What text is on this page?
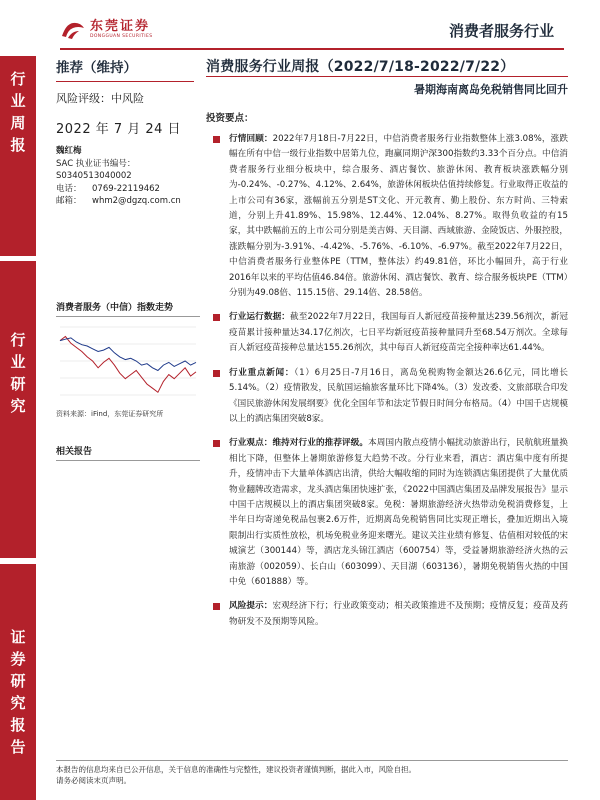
东莞证券
DONGGUAN SECURITIES	消费者服务行业
行业周报
行业研究
证券研究报告
推荐（维持）
风险评级：中风险
2022 年 7 月 24 日
魏红梅
SAC 执业证书编号：
S0340513040002
电话：	0769-22119462
邮箱：	whm2@dgzq.com.cn
消费者服务（中信）指数走势
资料来源：iFind，东莞证券研究所
相关报告
消费服务行业周报（2022/7/18-2022/7/22）
暑期海南离岛免税销售同比回升
投资要点：
行情回顾：2022年7月18日-7月22日，中信消费者服务行业指数整体上涨3.08%，涨跌幅在所有中信一级行业指数中居第九位，跑赢同期沪深300指数约3.33个百分点。中信消费者服务行业细分板块中，综合服务、酒店餐饮、旅游休闲、教育板块涨跌幅分别为-0.24%、-0.27%、4.12%、2.64%，旅游休闲板块估值持续修复。行业取得正收益的上市公司有36家，涨幅前五分别是ST文化、开元教育、勤上股份、东方时尚、三特索道，分别上升41.89%、15.98%、12.44%、12.04%、8.27%。取得负收益的有15家，其中跌幅前五的上市公司分别是美吉姆、天目湖、西域旅游、金陵饭店、外服控股，涨跌幅分别为-3.91%、-4.42%、-5.76%、-6.10%、-6.97%。截至2022年7月22日，中信消费者服务行业整体PE（TTM，整体法）约49.81倍，环比小幅回升，高于行业2016年以来的平均估值46.84倍。旅游休闲、酒店餐饮、教育、综合服务板块PE（TTM）分别为49.08倍、115.15倍、29.14倍、28.58倍。
行业运行数据：截至2022年7月22日，我国每百人新冠疫苗接种量达239.56剂次，新冠疫苗累计接种量达34.17亿剂次，七日平均新冠疫苗接种量同升至68.54万剂次。全球每百人新冠疫苗接种总量达155.26剂次，其中每百人新冠疫苗完全接种率达61.44%。
行业重点新闻：（1）6月25日-7月16日，离岛免税购物金额达26.6亿元，同比增长5.14%。（2）疫情散发，民航国运输旅客量环比下降4%。（3）发改委、文旅部联合印发《国民旅游休闲发展纲要》优化全国年节和法定节假日时间分布格局。（4）中国千店规模以上的酒店集团突破8家。
行业观点：维持对行业的推荐评级。本周国内散点疫情小幅扰动旅游出行，民航航班量换相比下降，但整体上暑期旅游修复大趋势不改。分行业来看，酒店：酒店集中度有所提升，疫情冲击下大量单体酒店出清，供给大幅收缩的同时为连锁酒店集团提供了大量优质物业翻牌改造需求，龙头酒店集团快速扩张，《2022中国酒店集团及品牌发展报告》显示中国千店规模以上的酒店集团突破8家。免税：暑期旅游经济火热带动免税消费修复，上半年日均寄递免税品包裹2.6万件，近期离岛免税销售同比实现正增长，叠加近期出入境限制出行实质性放松，机场免税业务迎来曙光。建议关注业绩有修复、估值相对较低的宋城演艺（300144）等，酒店龙头锦江酒店（600754）等，受益暑期旅游经济火热的云南旅游（002059）、长白山（603099）、天目湖（603136），暑期免税销售火热的中国中免（601888）等。
风险提示：宏观经济下行；行业政策变动；相关政策推进不及预期；疫情反复；疫苗及药物研发不及预期等风险。
本报告的信息均来自已公开信息，关于信息的准确性与完整性，建议投资者谨慎判断，据此入市，风险自担。
请务必阅读末页声明。
